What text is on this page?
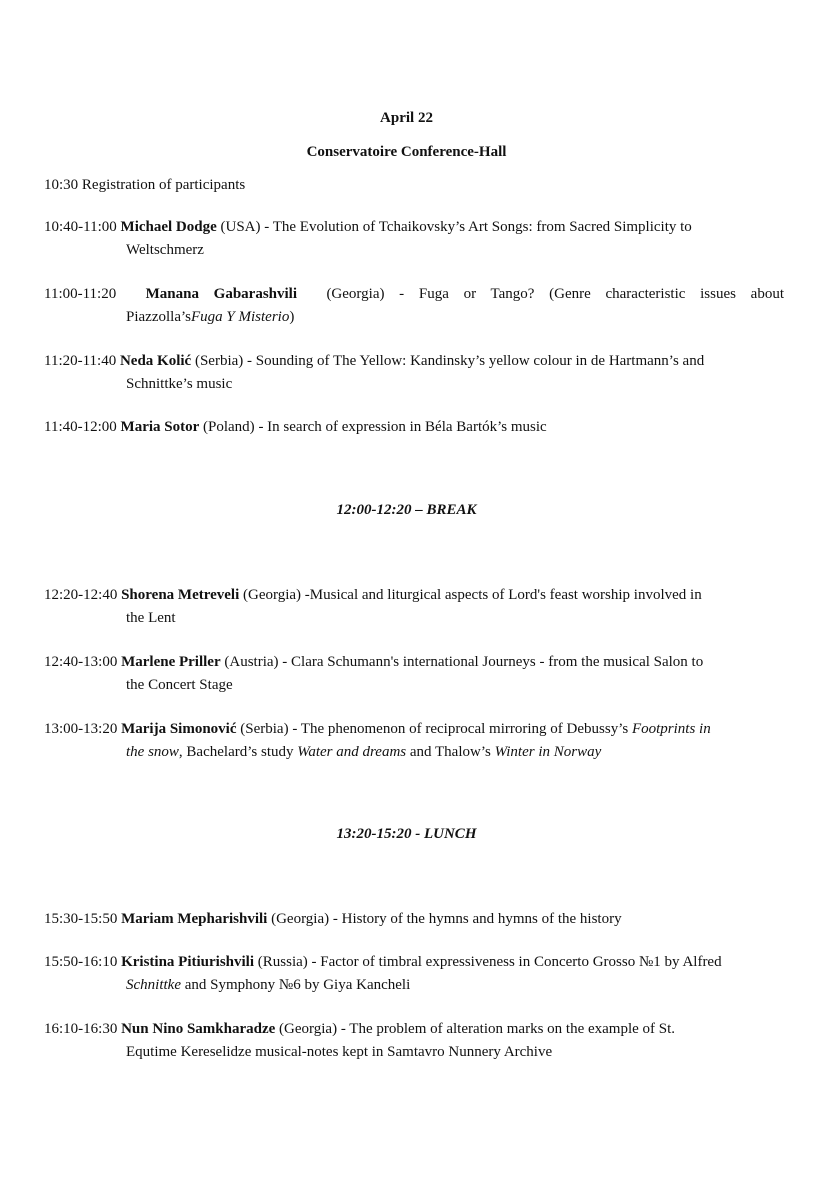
April 22
Conservatoire Conference-Hall
10:30 Registration of participants
10:40-11:00 Michael Dodge (USA) - The Evolution of Tchaikovsky’s Art Songs: from Sacred Simplicity to
Weltschmerz
11:00-11:20 Manana Gabarashvili (Georgia) - Fuga or Tango? (Genre characteristic issues about
Piazzolla’sFuga Y Misterio)
11:20-11:40 Neda Kolić (Serbia) - Sounding of The Yellow: Kandinsky’s yellow colour in de Hartmann’s and
Schnittke’s music
11:40-12:00 Maria Sotor (Poland) - In search of expression in Béla Bartók’s music
12:00-12:20 – BREAK
12:20-12:40 Shorena Metreveli (Georgia) -Musical and liturgical aspects of Lord's feast worship involved in
the Lent
12:40-13:00 Marlene Priller (Austria) - Clara Schumann's international Journeys - from the musical Salon to
the Concert Stage
13:00-13:20 Marija Simonović (Serbia) - The phenomenon of reciprocal mirroring of Debussy’s Footprints in
the snow, Bachelard’s study Water and dreams and Thalow’s Winter in Norway
13:20-15:20 - LUNCH
15:30-15:50 Mariam Mepharishvili (Georgia) - History of the hymns and hymns of the history
15:50-16:10 Kristina Pitiurishvili (Russia) - Factor of timbral expressiveness in Concerto Grosso №1 by Alfred
Schnittke and Symphony №6 by Giya Kancheli
16:10-16:30 Nun Nino Samkharadze (Georgia) - The problem of alteration marks on the example of St.
Equtime Kereselidze musical-notes kept in Samtavro Nunnery Archive
